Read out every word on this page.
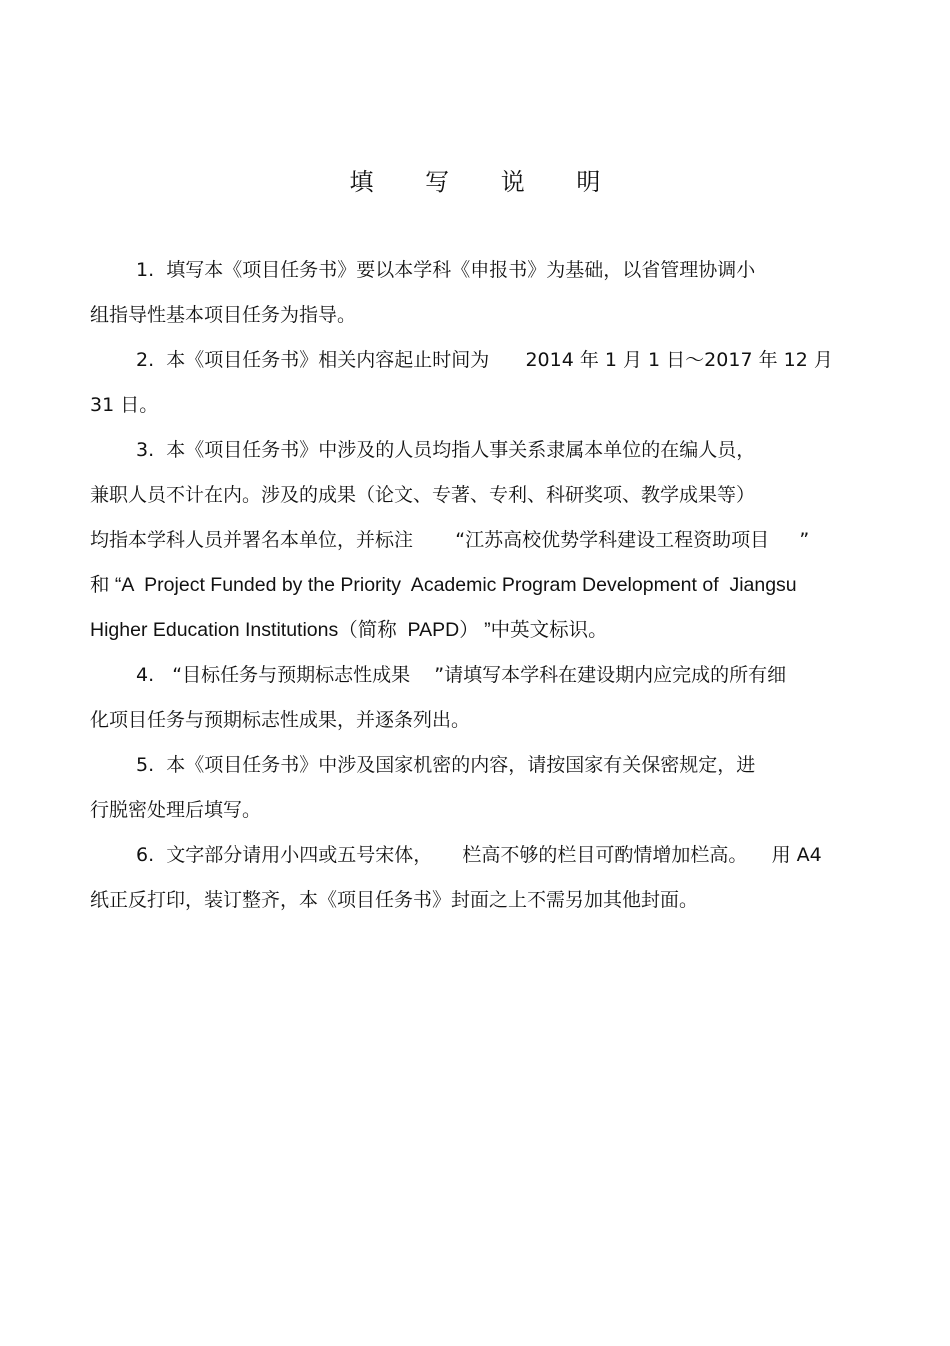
填 写 说 明
1.  填写本《项目任务书》要以本学科《申报书》为基础，以省管理协调小
组指导性基本项目任务为指导。
2.  本《项目任务书》相关内容起止时间为      2014 年 1 月 1 日～2017 年 12 月
31 日。
3.  本《项目任务书》中涉及的人员均指人事关系隶属本单位的在编人员，
兼职人员不计在内。涉及的成果（论文、专著、专利、科研奖项、教学成果等）
均指本学科人员并署名本单位，并标注       “江苏高校优势学科建设工程资助项目     ”
和 “A  Project Funded by the Priority  Academic Program Development of  Jiangsu
Higher Education Institutions（简称  PAPD） ”中英文标识。
4.   “目标任务与预期标志性成果    ”请填写本学科在建设期内应完成的所有细
化项目任务与预期标志性成果，并逐条列出。
5.  本《项目任务书》中涉及国家机密的内容，请按国家有关保密规定，进
行脱密处理后填写。
6.  文字部分请用小四或五号宋体，     栏高不够的栏目可酌情增加栏高。    用 A4
纸正反打印，装订整齐，本《项目任务书》封面之上不需另加其他封面。
